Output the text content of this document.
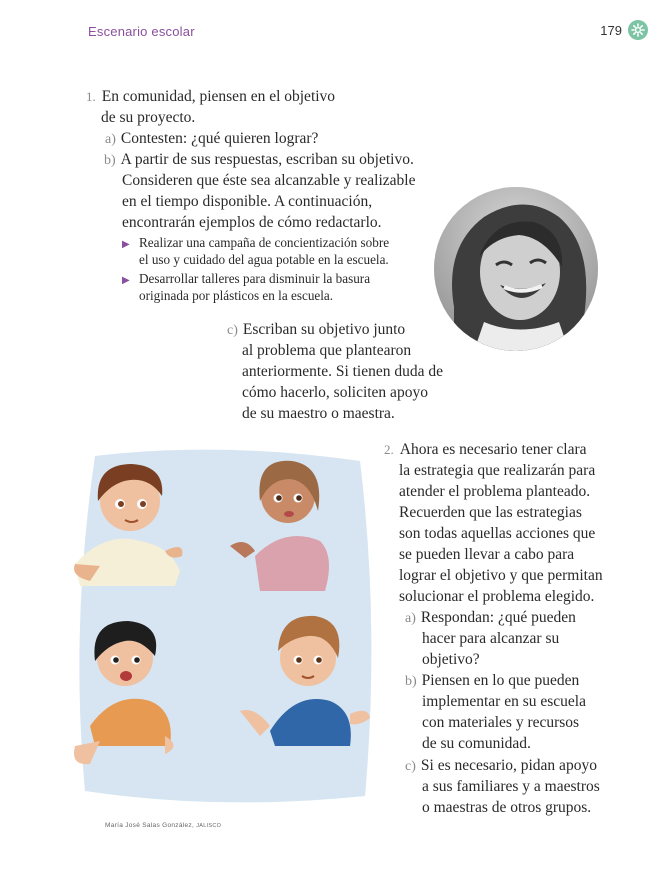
Escenario escolar	179
1. En comunidad, piensen en el objetivo
de su proyecto.
a) Contesten: ¿qué quieren lograr?
b) A partir de sus respuestas, escriban su objetivo.
Consideren que éste sea alcanzable y realizable
en el tiempo disponible. A continuación,
encontrarán ejemplos de cómo redactarlo.
▶ Realizar una campaña de concientización sobre
el uso y cuidado del agua potable en la escuela.
▶ Desarrollar talleres para disminuir la basura
originada por plásticos en la escuela.
c) Escriban su objetivo junto
al problema que plantearon
anteriormente. Si tienen duda de
cómo hacerlo, soliciten apoyo
de su maestro o maestra.
María José Salas González, JALISCO
2. Ahora es necesario tener clara
la estrategia que realizarán para
atender el problema planteado.
Recuerden que las estrategias
son todas aquellas acciones que
se pueden llevar a cabo para
lograr el objetivo y que permitan
solucionar el problema elegido.
a) Respondan: ¿qué pueden
hacer para alcanzar su
objetivo?
b) Piensen en lo que pueden
implementar en su escuela
con materiales y recursos
de su comunidad.
c) Si es necesario, pidan apoyo
a sus familiares y a maestros
o maestras de otros grupos.
